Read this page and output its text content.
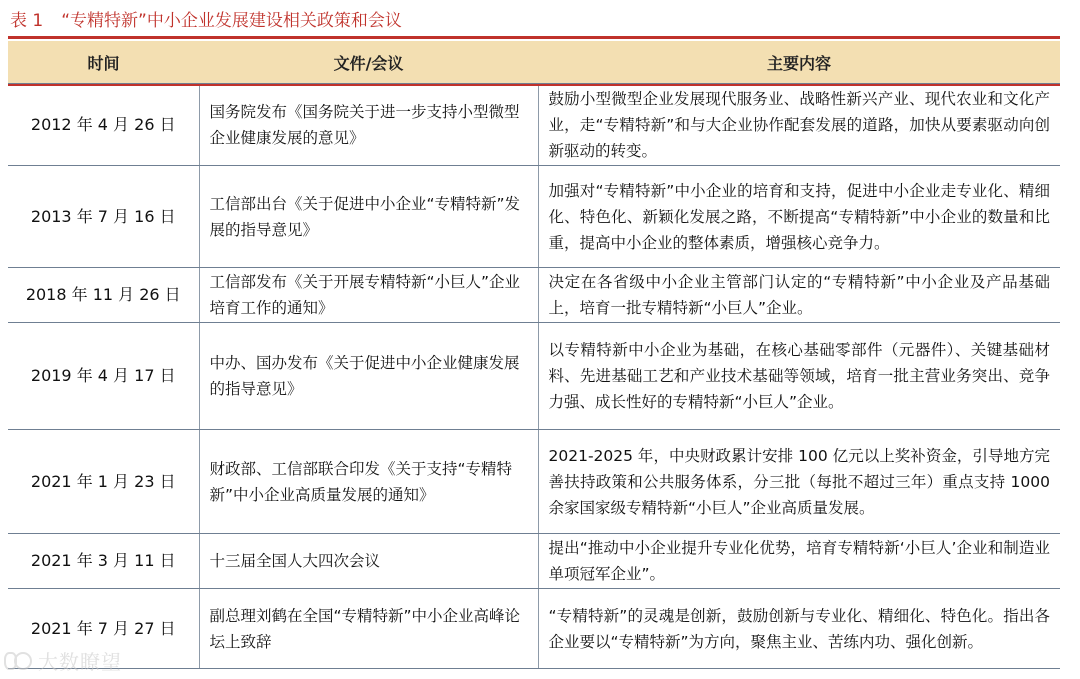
表 1 “专精特新”中小企业发展建设相关政策和会议
时间	文件/会议	主要内容
2012 年 4 月 26 日	国务院发布《国务院关于进一步支持小型微型企业健康发展的意见》	鼓励小型微型企业发展现代服务业、战略性新兴产业、现代农业和文化产业，走“专精特新”和与大企业协作配套发展的道路，加快从要素驱动向创新驱动的转变。
2013 年 7 月 16 日	工信部出台《关于促进中小企业“专精特新”发展的指导意见》	加强对“专精特新”中小企业的培育和支持，促进中小企业走专业化、精细化、特色化、新颖化发展之路，不断提高“专精特新”中小企业的数量和比重，提高中小企业的整体素质，增强核心竞争力。
2018 年 11 月 26 日	工信部发布《关于开展专精特新“小巨人”企业培育工作的通知》	决定在各省级中小企业主管部门认定的“专精特新”中小企业及产品基础上，培育一批专精特新“小巨人”企业。
2019 年 4 月 17 日	中办、国办发布《关于促进中小企业健康发展的指导意见》	以专精特新中小企业为基础，在核心基础零部件（元器件）、关键基础材料、先进基础工艺和产业技术基础等领域，培育一批主营业务突出、竞争力强、成长性好的专精特新“小巨人”企业。
2021 年 1 月 23 日	财政部、工信部联合印发《关于支持“专精特新”中小企业高质量发展的通知》	2021-2025 年，中央财政累计安排 100 亿元以上奖补资金，引导地方完善扶持政策和公共服务体系，分三批（每批不超过三年）重点支持 1000 余家国家级专精特新“小巨人”企业高质量发展。
2021 年 3 月 11 日	十三届全国人大四次会议	提出“推动中小企业提升专业化优势，培育专精特新‘小巨人’企业和制造业单项冠军企业”。
2021 年 7 月 27 日	副总理刘鹤在全国“专精特新”中小企业高峰论坛上致辞	“专精特新”的灵魂是创新，鼓励创新与专业化、精细化、特色化。指出各企业要以“专精特新”为方向，聚焦主业、苦练内功、强化创新。
大数瞭望
